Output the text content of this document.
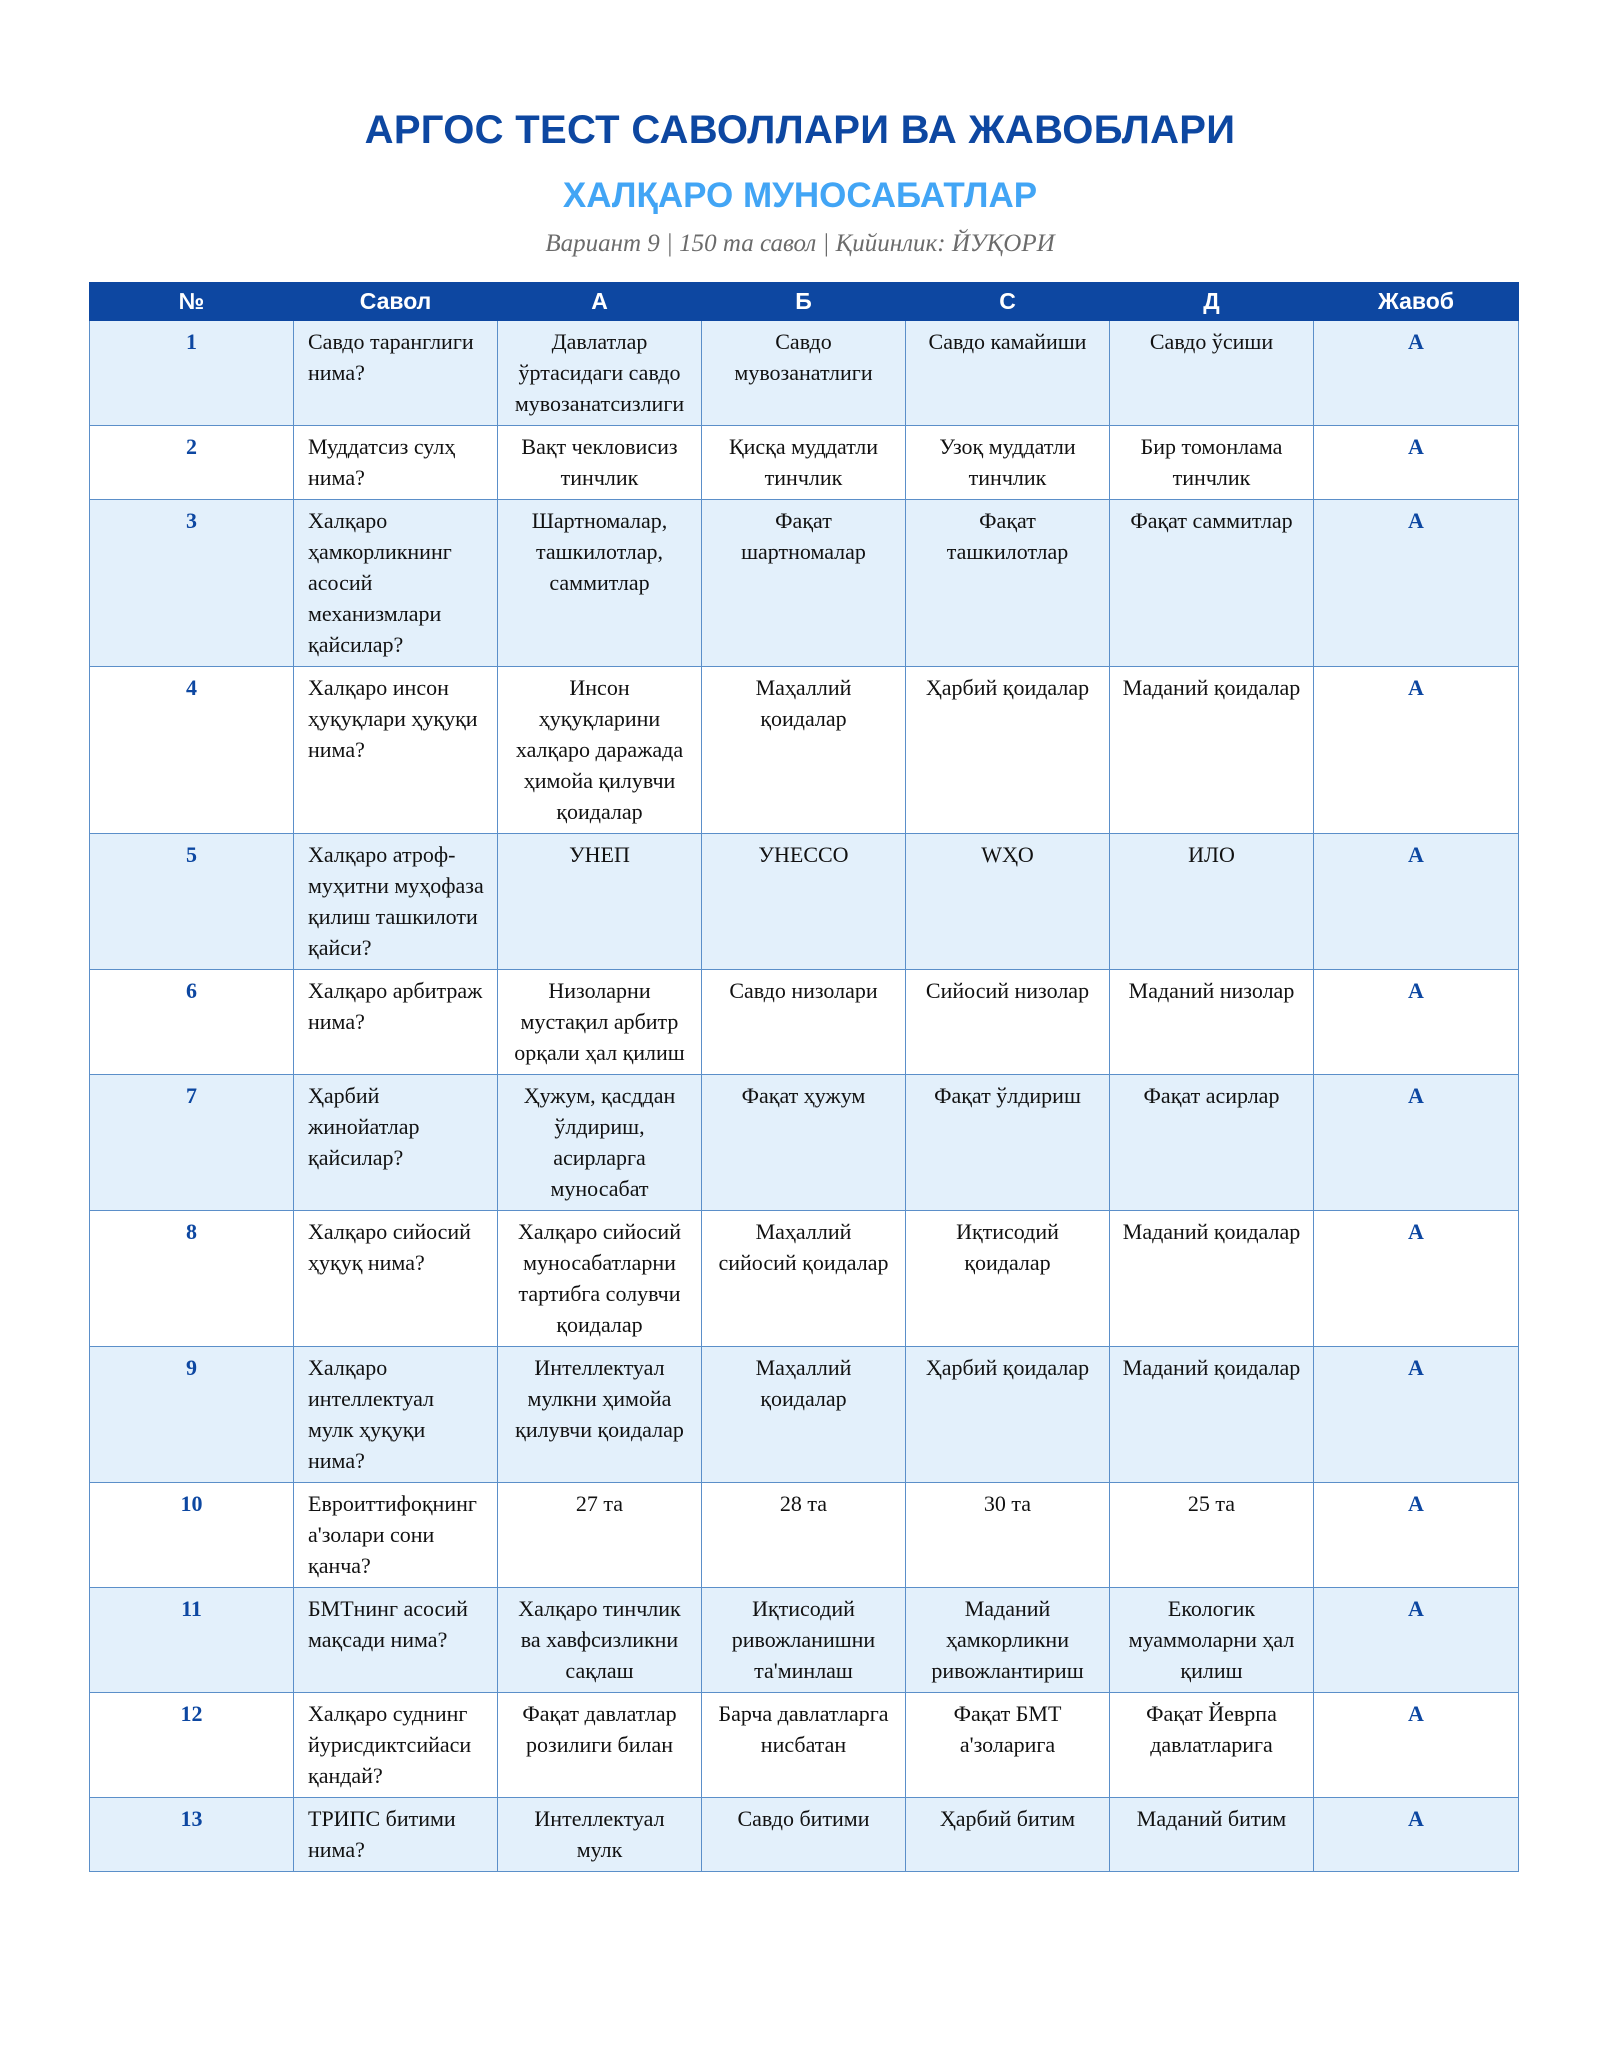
АРГОС ТЕСТ САВОЛЛАРИ ВА ЖАВОБЛАРИ
ХАЛҚАРО МУНОСАБАТЛАР
Вариант 9 | 150 та савол | Қийинлик: ЙУҚОРИ
№	Савол	А	Б	С	Д	Жавоб
1	Савдо таранглиги нима?	Давлатлар ўртасидаги савдо мувозанатсизлиги	Савдо мувозанатлиги	Савдо камайиши	Савдо ўсиши	А
2	Муддатсиз сулҳ нима?	Вақт чекловисиз тинчлик	Қисқа муддатли тинчлик	Узоқ муддатли тинчлик	Бир томонлама тинчлик	А
3	Халқаро ҳамкорликнинг асосий механизмлари қайсилар?	Шартномалар, ташкилотлар, саммитлар	Фақат шартномалар	Фақат ташкилотлар	Фақат саммитлар	А
4	Халқаро инсон ҳуқуқлари ҳуқуқи нима?	Инсон ҳуқуқларини халқаро даражада ҳимойа қилувчи қоидалар	Маҳаллий қоидалар	Ҳарбий қоидалар	Маданий қоидалар	А
5	Халқаро атроф-муҳитни муҳофаза қилиш ташкилоти қайси?	УНЕП	УНЕССО	WҲО	ИЛО	А
6	Халқаро арбитраж нима?	Низоларни мустақил арбитр орқали ҳал қилиш	Савдо низолари	Сийосий низолар	Маданий низолар	А
7	Ҳарбий жинойатлар қайсилар?	Ҳужум, қасддан ўлдириш, асирларга муносабат	Фақат ҳужум	Фақат ўлдириш	Фақат асирлар	А
8	Халқаро сийосий ҳуқуқ нима?	Халқаро сийосий муносабатларни тартибга солувчи қоидалар	Маҳаллий сийосий қоидалар	Иқтисодий қоидалар	Маданий қоидалар	А
9	Халқаро интеллектуал мулк ҳуқуқи нима?	Интеллектуал мулкни ҳимойа қилувчи қоидалар	Маҳаллий қоидалар	Ҳарбий қоидалар	Маданий қоидалар	А
10	Евроиттифоқнинг а'золари сони қанча?	27 та	28 та	30 та	25 та	А
11	БМТнинг асосий мақсади нима?	Халқаро тинчлик ва хавфсизликни сақлаш	Иқтисодий ривожланишни та'минлаш	Маданий ҳамкорликни ривожлантириш	Екологик муаммоларни ҳал қилиш	А
12	Халқаро суднинг йурисдиктсийаси қандай?	Фақат давлатлар розилиги билан	Барча давлатларга нисбатан	Фақат БМТ а'золарига	Фақат Йеврпа давлатларига	А
13	ТРИПС битими нима?	Интеллектуал мулк	Савдо битими	Ҳарбий битим	Маданий битим	А
